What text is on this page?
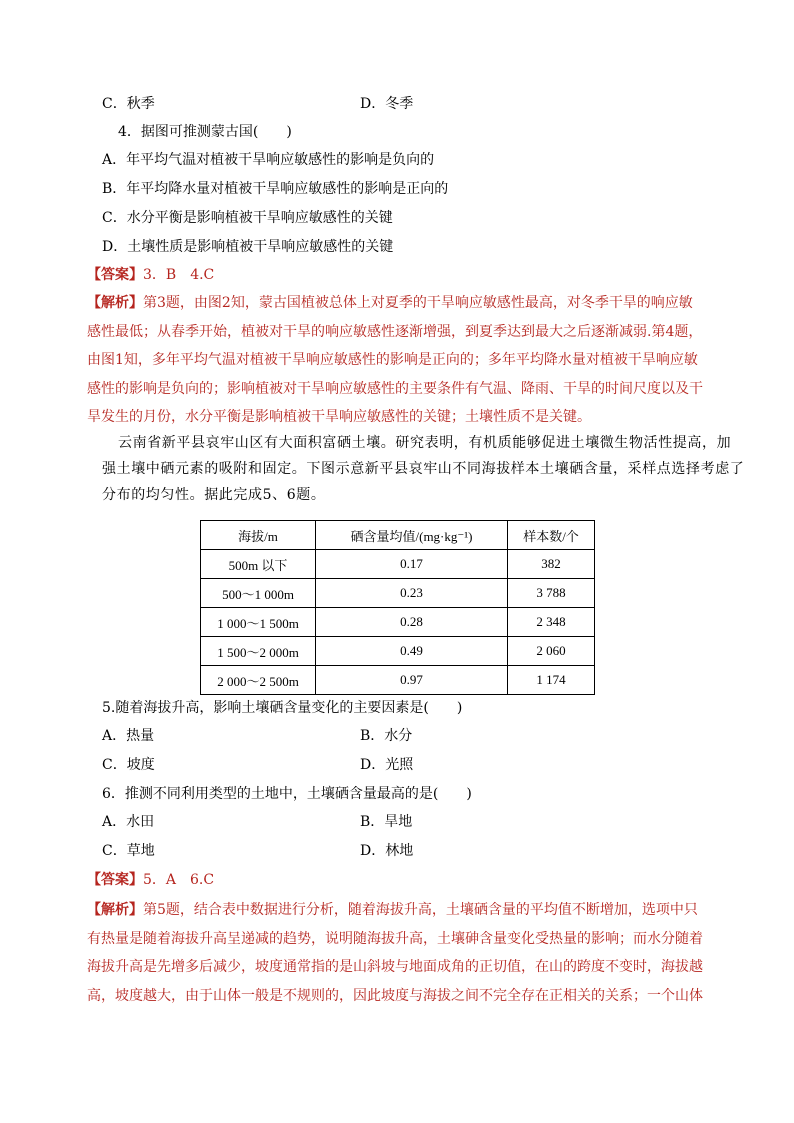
C．秋季	D．冬季
4．据图可推测蒙古国(　　)
A．年平均气温对植被干旱响应敏感性的影响是负向的
B．年平均降水量对植被干旱响应敏感性的影响是正向的
C．水分平衡是影响植被干旱响应敏感性的关键
D．土壤性质是影响植被干旱响应敏感性的关键
【答案】3．B　4.C
【解析】第3题，由图2知，蒙古国植被总体上对夏季的干旱响应敏感性最高，对冬季干旱的响应敏
感性最低；从春季开始，植被对干旱的响应敏感性逐渐增强，到夏季达到最大之后逐渐减弱.第4题，
由图1知，多年平均气温对植被干旱响应敏感性的影响是正向的；多年平均降水量对植被干旱响应敏
感性的影响是负向的；影响植被对干旱响应敏感性的主要条件有气温、降雨、干旱的时间尺度以及干
旱发生的月份，水分平衡是影响植被干旱响应敏感性的关键；土壤性质不是关键。
云南省新平县哀牢山区有大面积富硒土壤。研究表明，有机质能够促进土壤微生物活性提高，加
强土壤中硒元素的吸附和固定。下图示意新平县哀牢山不同海拔样本土壤硒含量，采样点选择考虑了
分布的均匀性。据此完成5、6题。
海拔/m	硒含量均值/(mg·kg⁻¹)	样本数/个
500m 以下	0.17	382
500～1 000m	0.23	3 788
1 000～1 500m	0.28	2 348
1 500～2 000m	0.49	2 060
2 000～2 500m	0.97	1 174
5.随着海拔升高，影响土壤硒含量变化的主要因素是(　　)
A．热量	B．水分
C．坡度	D．光照
6．推测不同利用类型的土地中，土壤硒含量最高的是(　　)
A．水田	B．旱地
C．草地	D．林地
【答案】5．A　6.C
【解析】第5题，结合表中数据进行分析，随着海拔升高，土壤硒含量的平均值不断增加，选项中只
有热量是随着海拔升高呈递减的趋势，说明随海拔升高，土壤砷含量变化受热量的影响；而水分随着
海拔升高是先增多后减少，坡度通常指的是山斜坡与地面成角的正切值，在山的跨度不变时，海拔越
高，坡度越大，由于山体一般是不规则的，因此坡度与海拔之间不完全存在正相关的关系；一个山体
